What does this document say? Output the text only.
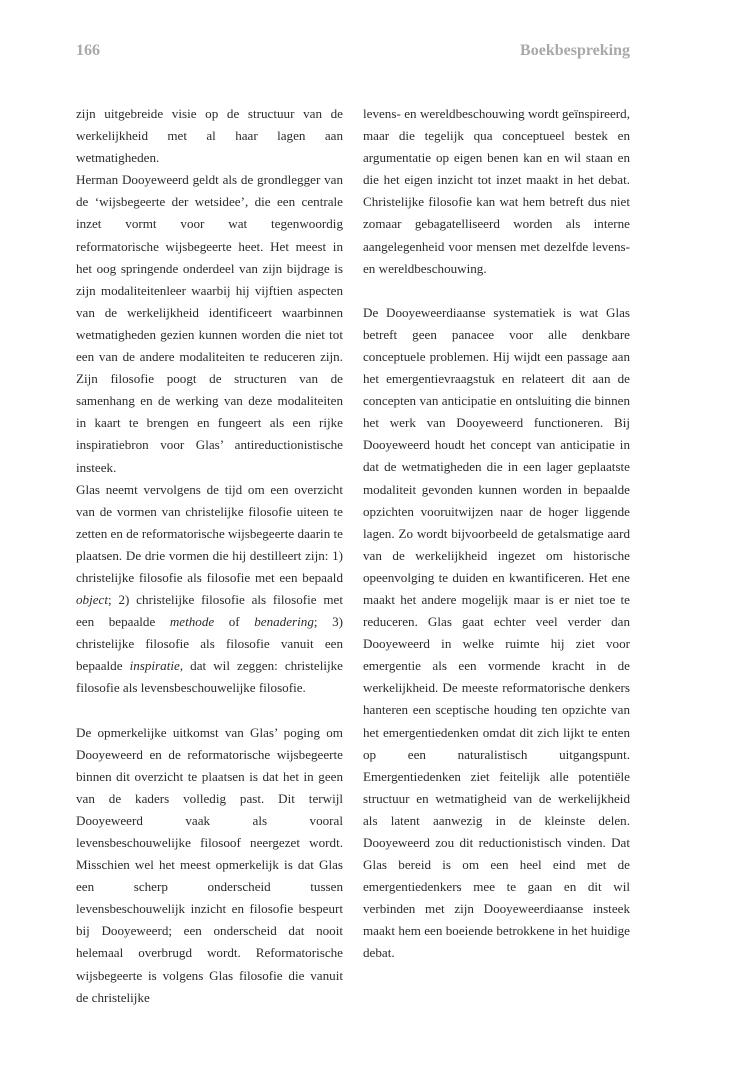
166	Boekbespreking

zijn uitgebreide visie op de structuur van de werkelijkheid met al haar lagen aan wetmatigheden.

Herman Dooyeweerd geldt als de grondlegger van de ‘wijsbegeerte der wetsidee’, die een centrale inzet vormt voor wat tegenwoordig reformatorische wijsbegeerte heet. Het meest in het oog springende onderdeel van zijn bijdrage is zijn modaliteitenleer waarbij hij vijftien aspecten van de werkelijkheid identificeert waarbinnen wetmatigheden gezien kunnen worden die niet tot een van de andere modaliteiten te reduceren zijn. Zijn filosofie poogt de structuren van de samenhang en de werking van deze modaliteiten in kaart te brengen en fungeert als een rijke inspiratiebron voor Glas’ antireductionistische insteek.

Glas neemt vervolgens de tijd om een overzicht van de vormen van christelijke filosofie uiteen te zetten en de reformatorische wijsbegeerte daarin te plaatsen. De drie vormen die hij destilleert zijn: 1) christelijke filosofie als filosofie met een bepaald object; 2) christelijke filosofie als filosofie met een bepaalde methode of benadering; 3) christelijke filosofie als filosofie vanuit een bepaalde inspiratie, dat wil zeggen: christelijke filosofie als levensbeschouwelijke filosofie.

De opmerkelijke uitkomst van Glas’ poging om Dooyeweerd en de reformatorische wijsbegeerte binnen dit overzicht te plaatsen is dat het in geen van de kaders volledig past. Dit terwijl Dooyeweerd vaak als vooral levensbeschouwelijke filosoof neergezet wordt. Misschien wel het meest opmerkelijk is dat Glas een scherp onderscheid tussen levensbeschouwelijk inzicht en filosofie bespeurt bij Dooyeweerd; een onderscheid dat nooit helemaal overbrugd wordt. Reformatorische wijsbegeerte is volgens Glas filosofie die vanuit de christelijke

levens- en wereldbeschouwing wordt geïnspireerd, maar die tegelijk qua conceptueel bestek en argumentatie op eigen benen kan en wil staan en die het eigen inzicht tot inzet maakt in het debat. Christelijke filosofie kan wat hem betreft dus niet zomaar gebagatelliseerd worden als interne aangelegenheid voor mensen met dezelfde levens- en wereldbeschouwing.

De Dooyeweerdiaanse systematiek is wat Glas betreft geen panacee voor alle denkbare conceptuele problemen. Hij wijdt een passage aan het emergentievraagstuk en relateert dit aan de concepten van anticipatie en ontsluiting die binnen het werk van Dooyeweerd functioneren. Bij Dooyeweerd houdt het concept van anticipatie in dat de wetmatigheden die in een lager geplaatste modaliteit gevonden kunnen worden in bepaalde opzichten vooruitwijzen naar de hoger liggende lagen. Zo wordt bijvoorbeeld de getalsmatige aard van de werkelijkheid ingezet om historische opeenvolging te duiden en kwantificeren. Het ene maakt het andere mogelijk maar is er niet toe te reduceren. Glas gaat echter veel verder dan Dooyeweerd in welke ruimte hij ziet voor emergentie als een vormende kracht in de werkelijkheid. De meeste reformatorische denkers hanteren een sceptische houding ten opzichte van het emergentiedenken omdat dit zich lijkt te enten op een naturalistisch uitgangspunt. Emergentiedenken ziet feitelijk alle potentiële structuur en wetmatigheid van de werkelijkheid als latent aanwezig in de kleinste delen. Dooyeweerd zou dit reductionistisch vinden. Dat Glas bereid is om een heel eind met de emergentiedenkers mee te gaan en dit wil verbinden met zijn Dooyeweerdiaanse insteek maakt hem een boeiende betrokkene in het huidige debat.
